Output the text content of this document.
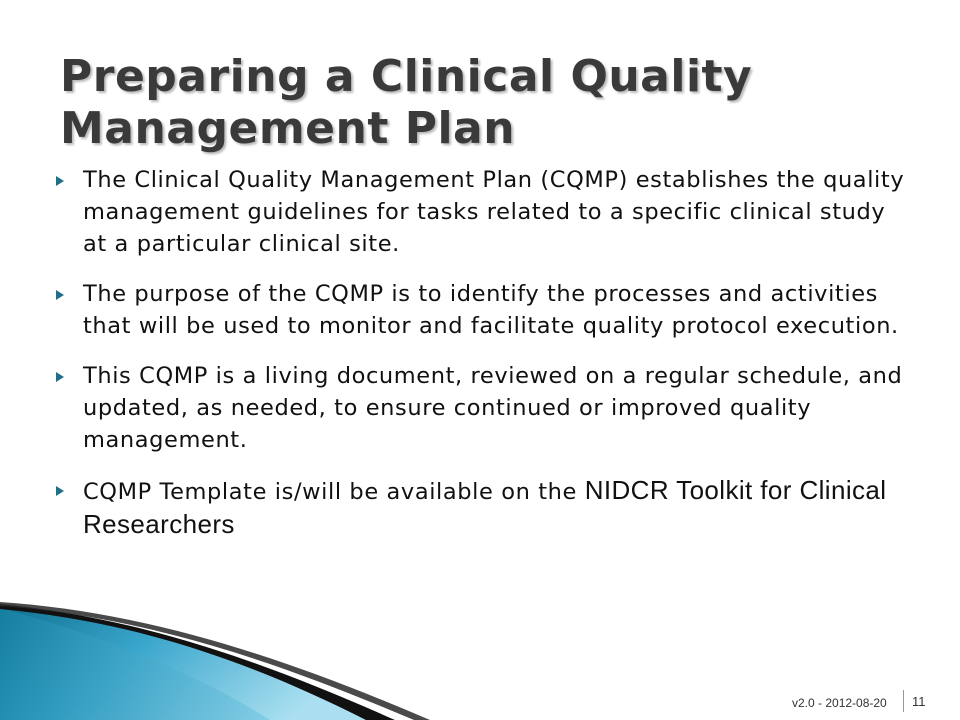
Preparing a Clinical Quality
Management Plan
The Clinical Quality Management Plan (CQMP) establishes the quality management guidelines for tasks related to a specific clinical study at a particular clinical site.
The purpose of the CQMP is to identify the processes and activities that will be used to monitor and facilitate quality protocol execution.
This CQMP is a living document, reviewed on a regular schedule, and updated, as needed, to ensure continued or improved quality management.
CQMP Template is/will be available on the NIDCR Toolkit for Clinical Researchers
v2.0 - 2012-08-20 11
